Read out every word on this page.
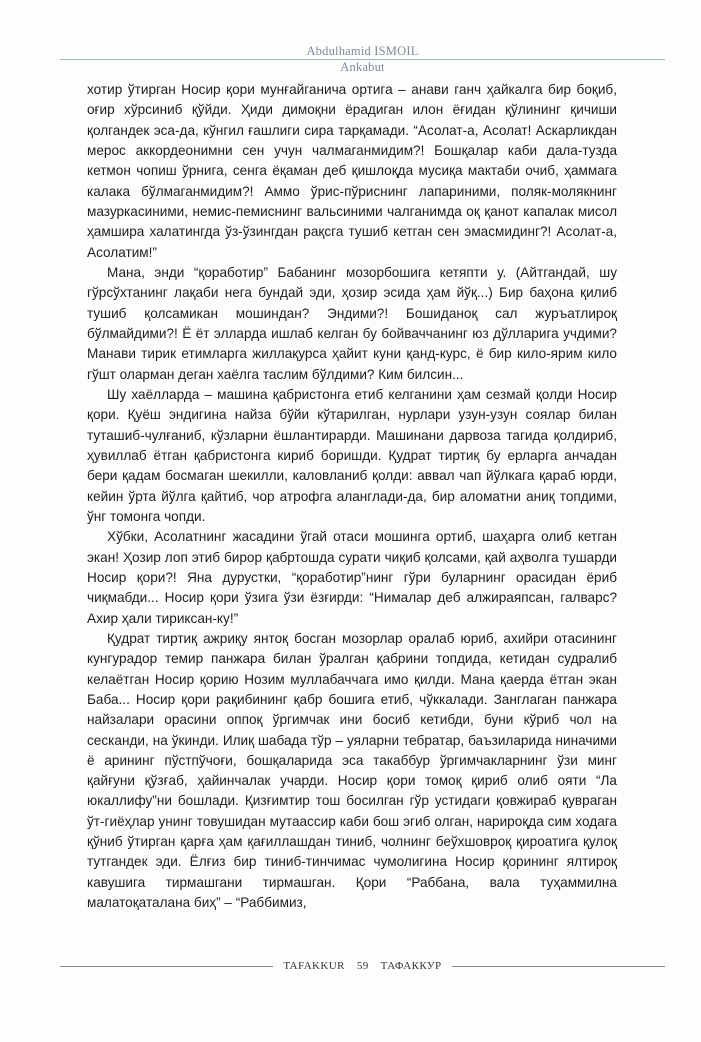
Abdulhamid ISMOIL
Ankabut

хотир ўтирган Носир қори мунғайганича ортига – анави ганч ҳайкалга бир боқиб, оғир хўрсиниб қўйди. Ҳиди димоқни ёрадиган илон ёғидан қўлининг қичиши қолгандек эса-да, кўнгил ғашлиги сира тарқамади. “Асолат-а, Асолат! Аскарликдан мерос аккордеонимни сен учун чалмаганмидим?! Бошқалар каби дала-тузда кетмон чопиш ўрнига, сенга ёқаман деб қишлоқда мусиқа мактаби очиб, ҳаммага калака бўлмаганмидим?! Аммо ўрис-пўриснинг лапариними, поляк-молякнинг мазуркасиними, немис-пемиснинг вальсиними чалганимда оқ қанот капалак мисол ҳамшира халатингда ўз-ўзингдан рақсга тушиб кетган сен эмасмидинг?! Асолат-а, Асолатим!”

Мана, энди “қоработир” Бабанинг мозорбошига кетяпти у. (Айтгандай, шу гўрсўхтанинг лақаби нега бундай эди, ҳозир эсида ҳам йўқ...) Бир баҳона қилиб тушиб қолсамикан мошиндан? Эндими?! Бошиданоқ сал журъатлироқ бўлмайдими?! Ё ёт элларда ишлаб келган бу бойваччанинг юз дўлларига учдими? Манави тирик етимларга жиллақурса ҳайит куни қанд-курс, ё бир кило-ярим кило гўшт оларман деган хаёлга таслим бўлдими? Ким билсин...

Шу хаёлларда – машина қабристонга етиб келганини ҳам сезмай қолди Носир қори. Қуёш эндигина найза бўйи кўтарилган, нурлари узун-узун соялар билан туташиб-чулғаниб, кўзларни ёшлантирарди. Машинани дарвоза тагида қолдириб, ҳувиллаб ётган қабристонга кириб боришди. Қудрат тиртиқ бу ерларга анчадан бери қадам босмаган шекилли, каловланиб қолди: аввал чап йўлкага қараб юрди, кейин ўрта йўлга қайтиб, чор атрофга аланглади-да, бир аломатни аниқ топдими, ўнг томонга чопди.

Хўбки, Асолатнинг жасадини ўгай отаси мошинга ортиб, шаҳарга олиб кетган экан! Ҳозир лоп этиб бирор қабртошда сурати чиқиб қолсами, қай аҳволга тушарди Носир қори?! Яна дурустки, “қоработир”нинг гўри буларнинг орасидан ёриб чиқмабди... Носир қори ўзига ўзи ёзғирди: “Нималар деб алжираяпсан, галварс? Ахир ҳали тириксан-ку!”

Қудрат тиртиқ ажриқу янтоқ босган мозорлар оралаб юриб, ахийри отасининг кунгурадор темир панжара билан ўралган қабрини топдида, кетидан судралиб келаётган Носир қорию Нозим муллабаччага имо қилди. Мана қаерда ётган экан Баба... Носир қори рақибининг қабр бошига етиб, чўккалади. Занглаган панжара найзалари орасини оппоқ ўргимчак ини босиб кетибди, буни кўриб чол на сесканди, на ўкинди. Илиқ шабада тўр – уяларни тебратар, баъзиларида ниначими ё арининг пўстпўчоғи, бошқаларида эса такаббур ўргимчакларнинг ўзи минг қайғуни қўзғаб, ҳайинчалак учарди. Носир қори томоқ қириб олиб ояти “Ла юкаллифу”ни бошлади. Қизғимтир тош босилган гўр устидаги қовжираб қувраган ўт-гиёҳлар унинг товушидан мутаассир каби бош эгиб олган, нарироқда сим ходага қўниб ўтирган қарға ҳам қағиллашдан тиниб, чолнинг беўхшовроқ қироатига қулоқ тутгандек эди. Ёлғиз бир тиниб-тинчимас чумолигина Носир қорининг ялтироқ кавушига тирмашгани тирмашган. Қори “Раббана, вала туҳаммилна малатоқаталана биҳ” – “Раббимиз,

TAFAKKUR 59 ТАФАККУР
